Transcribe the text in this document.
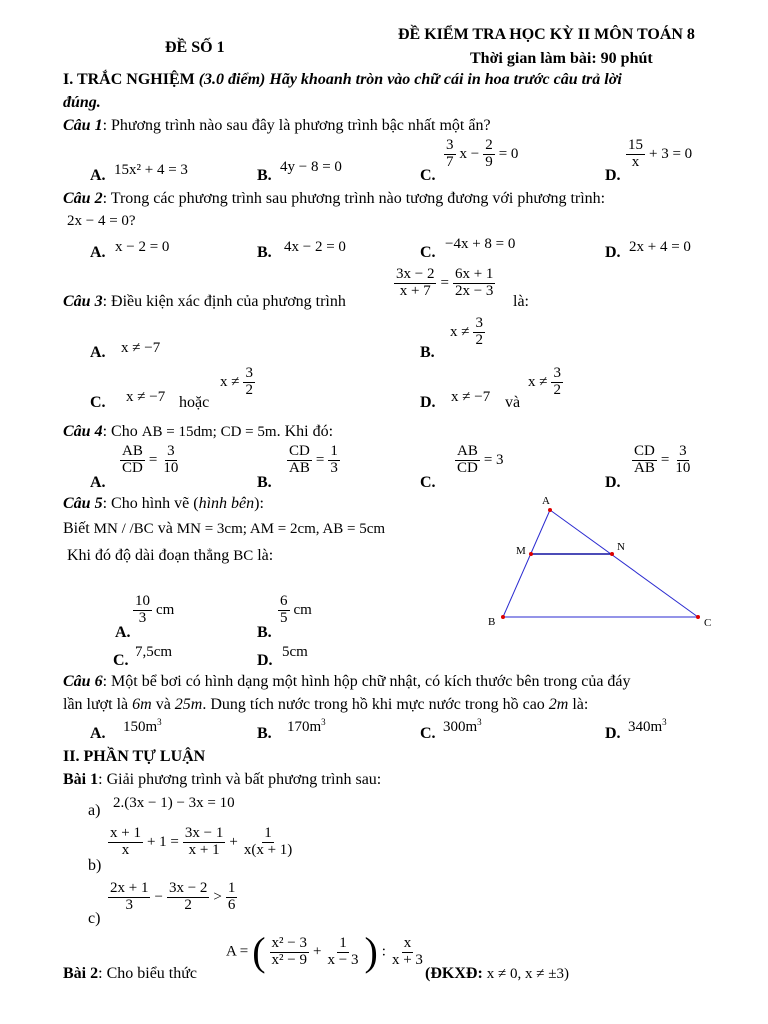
ĐỀ SỐ 1
ĐỀ KIỂM TRA HỌC KỲ II MÔN TOÁN 8
Thời gian làm bài: 90 phút
I. TRẮC NGHIỆM (3.0 điểm) Hãy khoanh tròn vào chữ cái in hoa trước câu trả lời
đúng.
Câu 1: Phương trình nào sau đây là phương trình bậc nhất một ẩn?
A. 15x² + 4 = 3	B. 4y − 8 = 0	C.
$\frac{3}{7}$ $x - \frac{2}{9} = 0$
D.
$\frac{15}{x} + 3 = 0$
Câu 2: Trong các phương trình sau phương trình nào tương đương với phương trình:
2x − 4 = 0?
A. x − 2 = 0	B. 4x − 2 = 0	C. −4x + 8 = 0	D. 2x + 4 = 0
Câu 3: Điều kiện xác định của phương trình
$\frac{3x - 2}{x + 7} = \frac{6x + 1}{2x - 3}$
là:
A. x ≠ −7	B.
$x \ne \frac{3}{2}$
C. x ≠ −7 hoặc
$x \ne \frac{3}{2}$
D. x ≠ −7 và
$x \ne \frac{3}{2}$
Câu 4: Cho AB = 15dm; CD = 5m. Khi đó:
A.
$\frac{AB}{CD} = \frac{3}{10}$
B.
$\frac{CD}{AB} = \frac{1}{3}$
C.
$\frac{AB}{CD} = 3$
D.
$\frac{CD}{AB} = \frac{3}{10}$
Câu 5: Cho hình vẽ (hình bên):
Biết MN / /BC và MN = 3cm; AM = 2cm, AB = 5cm
Khi đó độ dài đoạn thẳng BC là:
A
M	N
B	C
A.
$\frac{10}{3}$ cm
B.
$\frac{6}{5}$ cm
C. 7,5cm	D. 5cm
Câu 6: Một bể bơi có hình dạng một hình hộp chữ nhật, có kích thước bên trong của đáy
lần lượt là 6m và 25m. Dung tích nước trong hồ khi mực nước trong hồ cao 2m là:
A. $150m^3$
B. $170m^3$
C. $300m^3$
D. $340m^3$
II. PHẦN TỰ LUẬN
Bài 1: Giải phương trình và bất phương trình sau:
a) 2.(3x − 1) − 3x = 10
b)
$\frac{x + 1}{x} + 1 = \frac{3x - 1}{x + 1} + \frac{1}{x(x + 1)}$
c)
$\frac{2x + 1}{3} - \frac{3x - 2}{2} > \frac{1}{6}$
Bài 2: Cho biểu thức
A = ( $\frac{\text{x² − 3}}{\text{x² − 9}} + \frac{1}{x - 3}$ ) : $\frac{x}{x + 3}$
(ĐKXĐ: x ≠ 0, x ≠ ±3)
